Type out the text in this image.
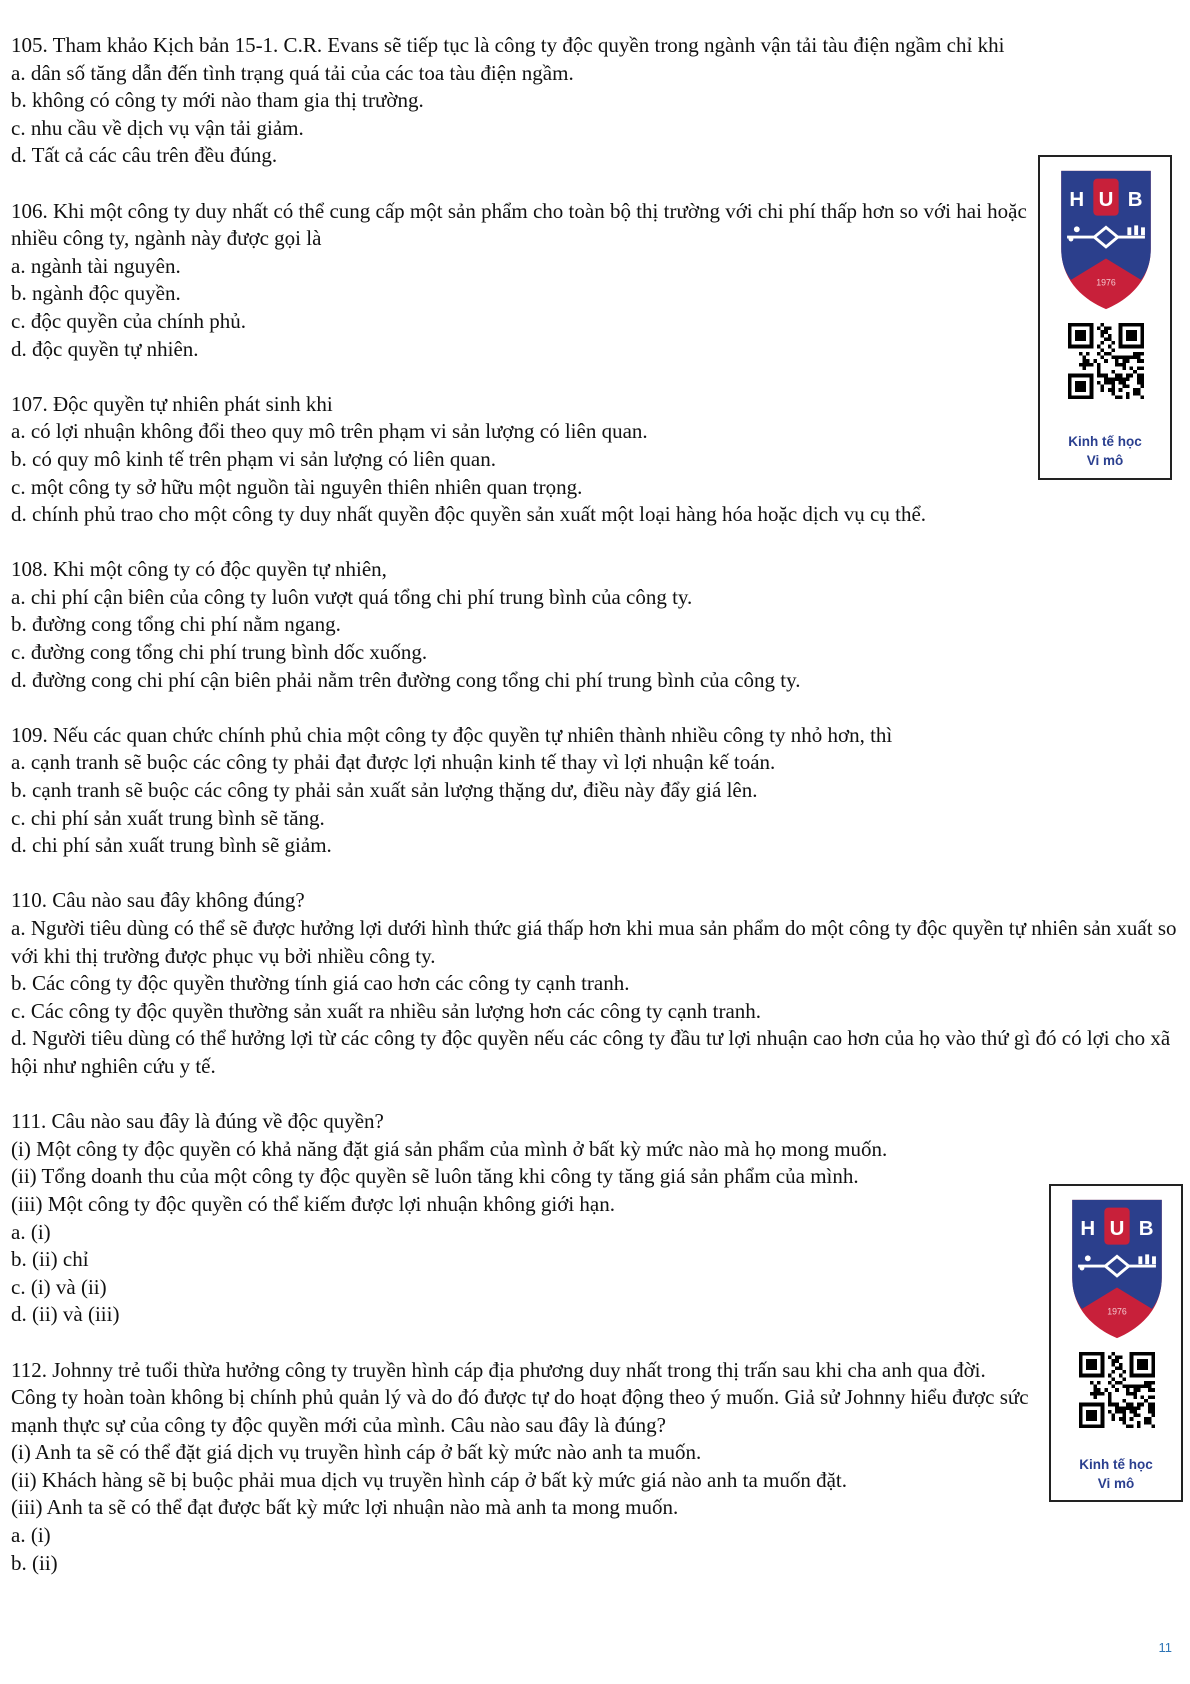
105. Tham khảo Kịch bản 15-1. C.R. Evans sẽ tiếp tục là công ty độc quyền trong ngành vận tải tàu điện ngầm chỉ khi

a. dân số tăng dẫn đến tình trạng quá tải của các toa tàu điện ngầm.

b. không có công ty mới nào tham gia thị trường.

c. nhu cầu về dịch vụ vận tải giảm.

d. Tất cả các câu trên đều đúng.

106. Khi một công ty duy nhất có thể cung cấp một sản phẩm cho toàn bộ thị trường với chi phí thấp hơn so với hai hoặc nhiều công ty, ngành này được gọi là

a. ngành tài nguyên.

b. ngành độc quyền.

c. độc quyền của chính phủ.

d. độc quyền tự nhiên.

107. Độc quyền tự nhiên phát sinh khi

a. có lợi nhuận không đổi theo quy mô trên phạm vi sản lượng có liên quan.

b. có quy mô kinh tế trên phạm vi sản lượng có liên quan.

c. một công ty sở hữu một nguồn tài nguyên thiên nhiên quan trọng.

d. chính phủ trao cho một công ty duy nhất quyền độc quyền sản xuất một loại hàng hóa hoặc dịch vụ cụ thể.

108. Khi một công ty có độc quyền tự nhiên,

a. chi phí cận biên của công ty luôn vượt quá tổng chi phí trung bình của công ty.

b. đường cong tổng chi phí nằm ngang.

c. đường cong tổng chi phí trung bình dốc xuống.

d. đường cong chi phí cận biên phải nằm trên đường cong tổng chi phí trung bình của công ty.

109. Nếu các quan chức chính phủ chia một công ty độc quyền tự nhiên thành nhiều công ty nhỏ hơn, thì

a. cạnh tranh sẽ buộc các công ty phải đạt được lợi nhuận kinh tế thay vì lợi nhuận kế toán.

b. cạnh tranh sẽ buộc các công ty phải sản xuất sản lượng thặng dư, điều này đẩy giá lên.

c. chi phí sản xuất trung bình sẽ tăng.

d. chi phí sản xuất trung bình sẽ giảm.

110. Câu nào sau đây không đúng?

a. Người tiêu dùng có thể sẽ được hưởng lợi dưới hình thức giá thấp hơn khi mua sản phẩm do một công ty độc quyền tự nhiên sản xuất so với khi thị trường được phục vụ bởi nhiều công ty.

b. Các công ty độc quyền thường tính giá cao hơn các công ty cạnh tranh.

c. Các công ty độc quyền thường sản xuất ra nhiều sản lượng hơn các công ty cạnh tranh.

d. Người tiêu dùng có thể hưởng lợi từ các công ty độc quyền nếu các công ty đầu tư lợi nhuận cao hơn của họ vào thứ gì đó có lợi cho xã hội như nghiên cứu y tế.

111. Câu nào sau đây là đúng về độc quyền?

(i) Một công ty độc quyền có khả năng đặt giá sản phẩm của mình ở bất kỳ mức nào mà họ mong muốn.

(ii) Tổng doanh thu của một công ty độc quyền sẽ luôn tăng khi công ty tăng giá sản phẩm của mình.

(iii) Một công ty độc quyền có thể kiếm được lợi nhuận không giới hạn.

a. (i)

b. (ii) chỉ

c. (i) và (ii)

d. (ii) và (iii)

112. Johnny trẻ tuổi thừa hưởng công ty truyền hình cáp địa phương duy nhất trong thị trấn sau khi cha anh qua đời. Công ty hoàn toàn không bị chính phủ quản lý và do đó được tự do hoạt động theo ý muốn. Giả sử Johnny hiểu được sức mạnh thực sự của công ty độc quyền mới của mình. Câu nào sau đây là đúng?

(i) Anh ta sẽ có thể đặt giá dịch vụ truyền hình cáp ở bất kỳ mức nào anh ta muốn.

(ii) Khách hàng sẽ bị buộc phải mua dịch vụ truyền hình cáp ở bất kỳ mức giá nào anh ta muốn đặt.

(iii) Anh ta sẽ có thể đạt được bất kỳ mức lợi nhuận nào mà anh ta mong muốn.

a. (i)

b. (ii)

H U B
1976
Kinh tế học
Vi mô
H U B
1976
Kinh tế học
Vi mô
11
